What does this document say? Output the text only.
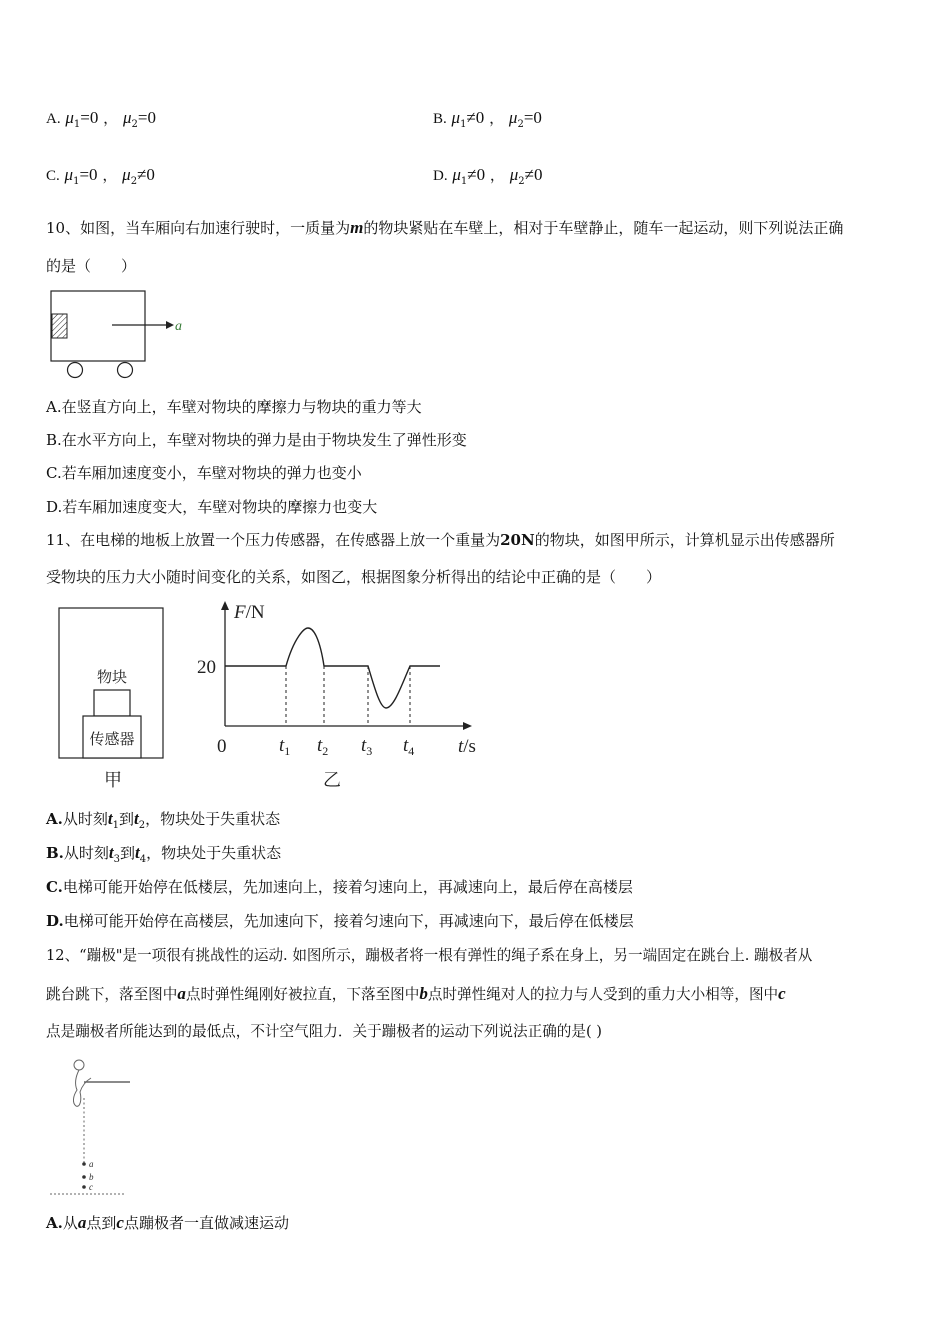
A. $\mu_1=0$ ， $\mu_2=0$	B. $\mu_1\ne 0$ ， $\mu_2=0$
C. $\mu_1=0$ ， $\mu_2\ne 0$	D. $\mu_1\ne 0$ ， $\mu_2\ne 0$
10、如图，当车厢向右加速行驶时，一质量为m的物块紧贴在车壁上，相对于车壁静止，随车一起运动，则下列说法正确
的是（　　）
a
A.在竖直方向上，车壁对物块的摩擦力与物块的重力等大
B.在水平方向上，车壁对物块的弹力是由于物块发生了弹性形变
C.若车厢加速度变小，车壁对物块的弹力也变小
D.若车厢加速度变大，车壁对物块的摩擦力也变大
11、在电梯的地板上放置一个压力传感器，在传感器上放一个重量为20N的物块，如图甲所示，计算机显示出传感器所
受物块的压力大小随时间变化的关系，如图乙，根据图象分析得出的结论中正确的是（　　）
物块
传感器
甲
F/N
20
0	$t_1$ $t_2$ $t_3$ $t_4$ t/s
乙
A.从时刻$t_1$到$t_2$，物块处于失重状态
B.从时刻$t_3$到$t_4$，物块处于失重状态
C.电梯可能开始停在低楼层，先加速向上，接着匀速向上，再减速向上，最后停在高楼层
D.电梯可能开始停在高楼层，先加速向下，接着匀速向下，再减速向下，最后停在低楼层
12、“蹦极"是一项很有挑战性的运动. 如图所示，蹦极者将一根有弹性的绳子系在身上，另一端固定在跳台上. 蹦极者从
跳台跳下，落至图中a点时弹性绳刚好被拉直，下落至图中b点时弹性绳对人的拉力与人受到的重力大小相等，图中c
点是蹦极者所能达到的最低点，不计空气阻力．关于蹦极者的运动下列说法正确的是( )
a
b
c
A.从a点到c点蹦极者一直做减速运动
